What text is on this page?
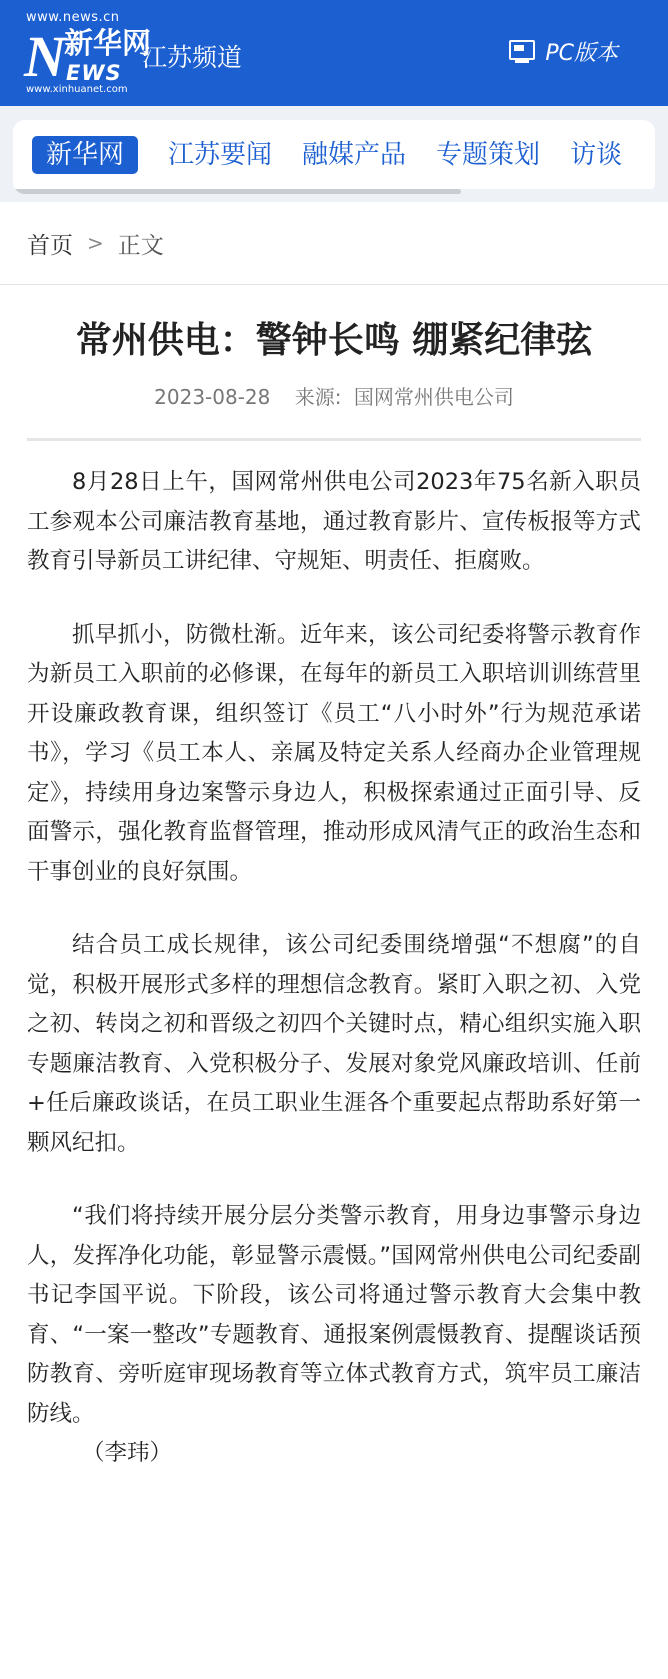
www.news.cn
N
新华网
EWS
www.xinhuanet.com
江苏频道	PC版本
新华网	江苏要闻 融媒产品 专题策划 访谈
首页 > 正文
常州供电：警钟长鸣 绷紧纪律弦
2023-08-28 来源: 国网常州供电公司

8月28日上午，国网常州供电公司2023年75名新入职员工参观本公司廉洁教育基地，通过教育影片、宣传板报等方式教育引导新员工讲纪律、守规矩、明责任、拒腐败。

抓早抓小，防微杜渐。近年来，该公司纪委将警示教育作为新员工入职前的必修课，在每年的新员工入职培训训练营里开设廉政教育课，组织签订《员工“八小时外”行为规范承诺书》，学习《员工本人、亲属及特定关系人经商办企业管理规定》，持续用身边案警示身边人，积极探索通过正面引导、反面警示，强化教育监督管理，推动形成风清气正的政治生态和干事创业的良好氛围。

结合员工成长规律，该公司纪委围绕增强“不想腐”的自觉，积极开展形式多样的理想信念教育。紧盯入职之初、入党之初、转岗之初和晋级之初四个关键时点，精心组织实施入职专题廉洁教育、入党积极分子、发展对象党风廉政培训、任前+任后廉政谈话，在员工职业生涯各个重要起点帮助系好第一颗风纪扣。

“我们将持续开展分层分类警示教育，用身边事警示身边人，发挥净化功能，彰显警示震慑。”国网常州供电公司纪委副书记李国平说。下阶段，该公司将通过警示教育大会集中教育、“一案一整改”专题教育、通报案例震慑教育、提醒谈话预防教育、旁听庭审现场教育等立体式教育方式，筑牢员工廉洁防线。

（李玮）
